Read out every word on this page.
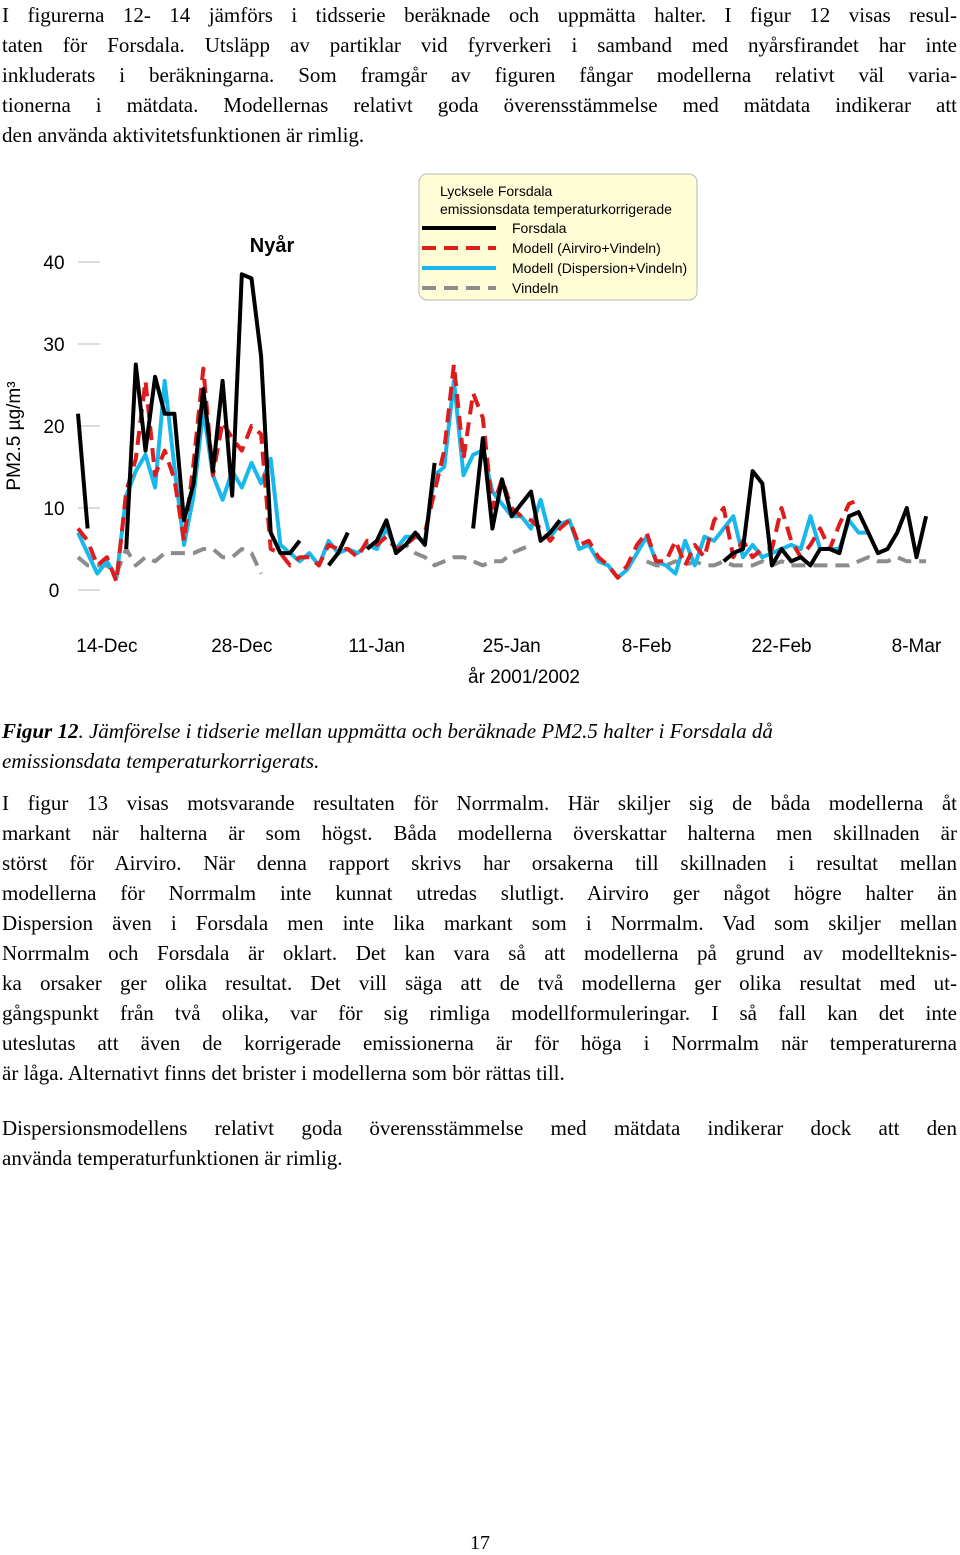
I figurerna 12- 14 jämförs i tidsserie beräknade och uppmätta halter. I figur 12 visas resul-
taten för Forsdala. Utsläpp av partiklar vid fyrverkeri i samband med nyårsfirandet har inte
inkluderats i beräkningarna. Som framgår av figuren fångar modellerna relativt väl varia-
tionerna i mätdata. Modellernas relativt goda överensstämmelse med mätdata indikerar att
den använda aktivitetsfunktionen är rimlig.

0
10
20
30
40
PM2.5 µg/m³
14-Dec	28-Dec	11-Jan	25-Jan	8-Feb	22-Feb	8-Mar
år 2001/2002
Nyår
Lycksele Forsdala
emissionsdata temperaturkorrigerade
Forsdala
Modell (Airviro+Vindeln)
Modell (Dispersion+Vindeln)
Vindeln
Figur 12. Jämförelse i tidserie mellan uppmätta och beräknade PM2.5 halter i Forsdala då
emissionsdata temperaturkorrigerats.

I figur 13 visas motsvarande resultaten för Norrmalm. Här skiljer sig de båda modellerna åt
markant när halterna är som högst. Båda modellerna överskattar halterna men skillnaden är
störst för Airviro. När denna rapport skrivs har orsakerna till skillnaden i resultat mellan
modellerna för Norrmalm inte kunnat utredas slutligt. Airviro ger något högre halter än
Dispersion även i Forsdala men inte lika markant som i Norrmalm. Vad som skiljer mellan
Norrmalm och Forsdala är oklart. Det kan vara så att modellerna på grund av modellteknis-
ka orsaker ger olika resultat. Det vill säga att de två modellerna ger olika resultat med ut-
gångspunkt från två olika, var för sig rimliga modellformuleringar. I så fall kan det inte
uteslutas att även de korrigerade emissionerna är för höga i Norrmalm när temperaturerna
är låga. Alternativt finns det brister i modellerna som bör rättas till.

Dispersionsmodellens relativt goda överensstämmelse med mätdata indikerar dock att den
använda temperaturfunktionen är rimlig.

17
